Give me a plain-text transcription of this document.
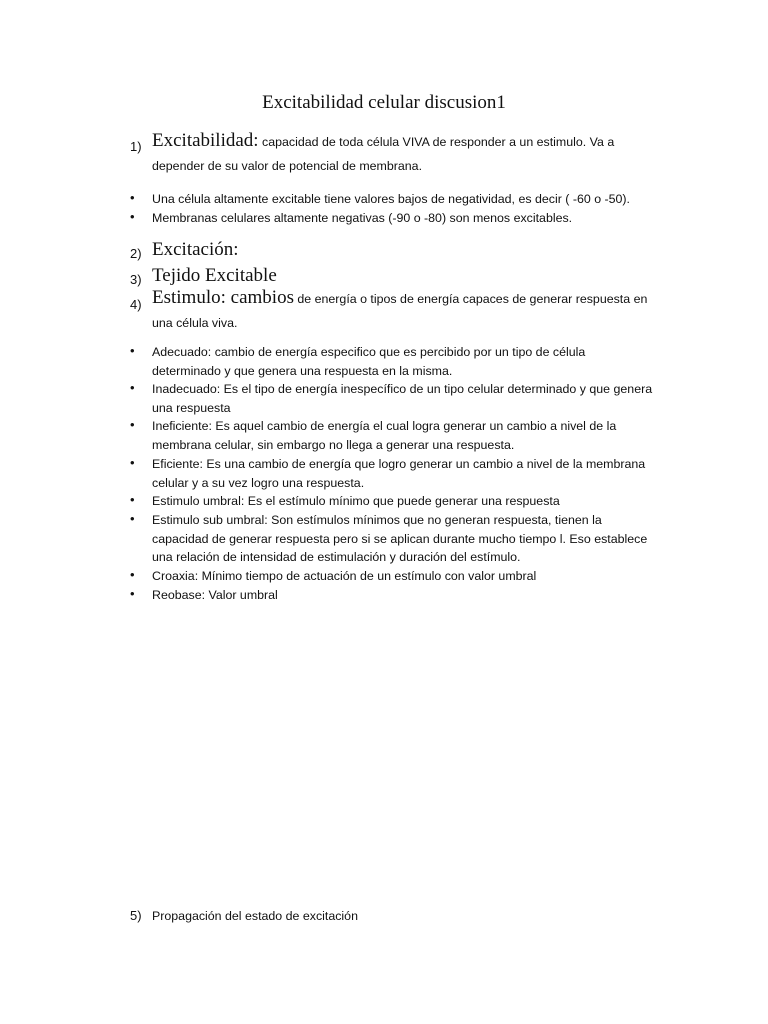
Excitabilidad celular discusion1
1) Excitabilidad: capacidad de toda célula VIVA de responder a un estimulo. Va a
depender de su valor de potencial de membrana.
• Una célula altamente excitable tiene valores bajos de negatividad, es decir ( -60 o -50).
• Membranas celulares altamente negativas (-90 o -80) son menos excitables.
2) Excitación:
3) Tejido Excitable
4) Estimulo: cambios de energía o tipos de energía capaces de generar respuesta en
una célula viva.
• Adecuado: cambio de energía especifico que es percibido por un tipo de célula
determinado y que genera una respuesta en la misma.
• Inadecuado: Es el tipo de energía inespecífico de un tipo celular determinado y que genera
una respuesta
• Ineficiente: Es aquel cambio de energía el cual logra generar un cambio a nivel de la
membrana celular, sin embargo no llega a generar una respuesta.
• Eficiente: Es una cambio de energía que logro generar un cambio a nivel de la membrana
celular y a su vez logro una respuesta.
• Estimulo umbral: Es el estímulo mínimo que puede generar una respuesta
• Estimulo sub umbral: Son estímulos mínimos que no generan respuesta, tienen la
capacidad de generar respuesta pero si se aplican durante mucho tiempo l. Eso establece
una relación de intensidad de estimulación y duración del estímulo.
• Croaxia: Mínimo tiempo de actuación de un estímulo con valor umbral
• Reobase: Valor umbral
5) Propagación del estado de excitación
